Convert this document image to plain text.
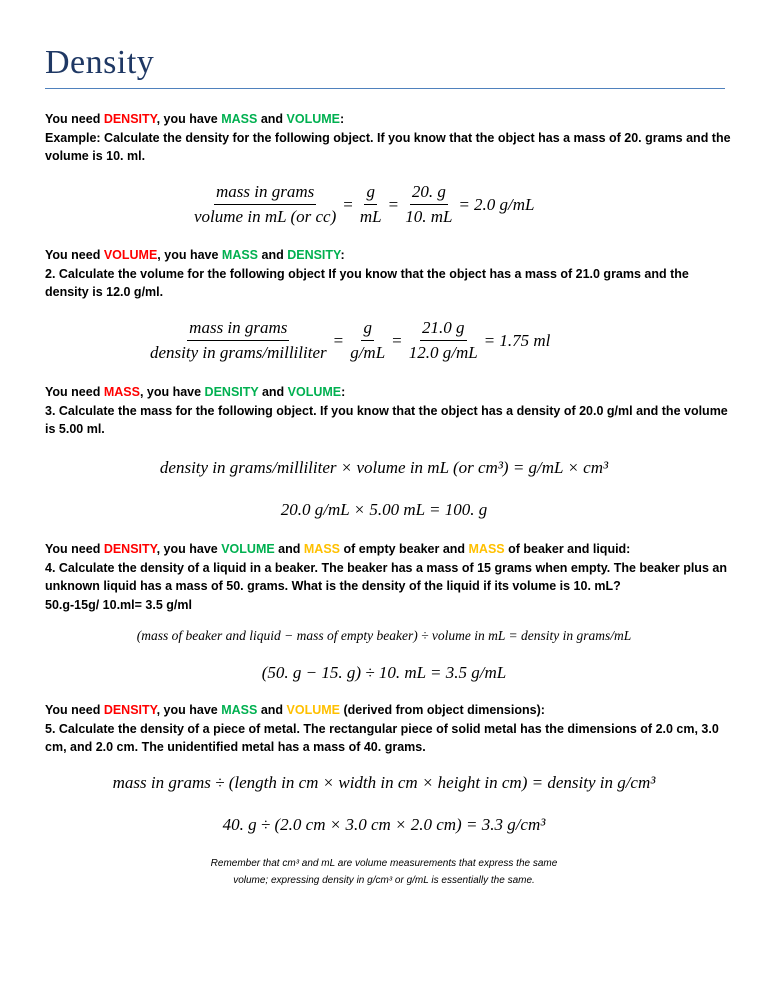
Density
You need DENSITY, you have MASS and VOLUME:
Example: Calculate the density for the following object. If you know that the object has a mass of 20. grams and the volume is 10. ml.
$\frac{\text{mass in grams}}{\text{volume in mL (or cc)}} = \frac{g}{mL} = \frac{20. g}{10. mL} = 2.0$ g/mL
You need VOLUME, you have MASS and DENSITY:
2. Calculate the volume for the following object If you know that the object has a mass of 21.0 grams and the density is 12.0 g/ml.
$\frac{\text{mass in grams}}{\text{density in grams/milliliter}} = \frac{g}{g/mL} = \frac{21.0 g}{12.0 g/mL} = 1.75$ ml
You need MASS, you have DENSITY and VOLUME:
3. Calculate the mass for the following object. If you know that the object has a density of 20.0 g/ml and the volume is 5.00 ml.
density in grams/milliliter × volume in mL (or cm³) = g/mL × cm³
20.0 g/mL × 5.00 mL = 100. g
You need DENSITY, you have VOLUME and MASS of empty beaker and MASS of beaker and liquid:
4. Calculate the density of a liquid in a beaker. The beaker has a mass of 15 grams when empty. The beaker plus an unknown liquid has a mass of 50. grams. What is the density of the liquid if its volume is 10. mL?
50.g-15g/ 10.ml= 3.5 g/ml
(mass of beaker and liquid − mass of empty beaker) ÷ volume in mL = density in grams/mL
(50. g − 15. g) ÷ 10. mL = 3.5 g/mL
You need DENSITY, you have MASS and VOLUME (derived from object dimensions):
5. Calculate the density of a piece of metal. The rectangular piece of solid metal has the dimensions of 2.0 cm, 3.0 cm, and 2.0 cm. The unidentified metal has a mass of 40. grams.
mass in grams ÷ (length in cm × width in cm × height in cm) = density in g/cm³
40. g ÷ (2.0 cm × 3.0 cm × 2.0 cm) = 3.3 g/cm³
Remember that cm³ and mL are volume measurements that express the same
volume; expressing density in g/cm³ or g/mL is essentially the same.
